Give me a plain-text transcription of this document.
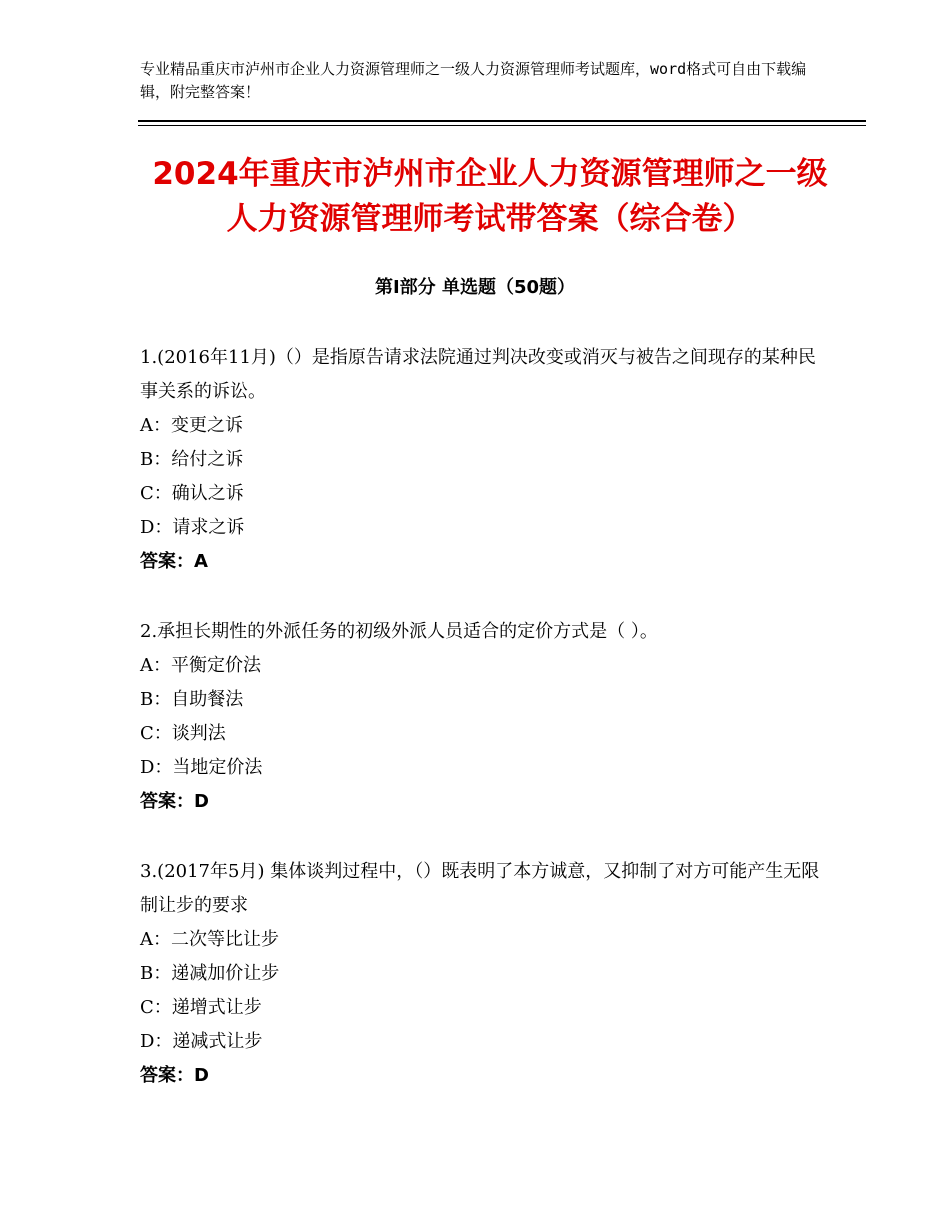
专业精品重庆市泸州市企业人力资源管理师之一级人力资源管理师考试题库，word格式可自由下载编辑，附完整答案！
2024年重庆市泸州市企业人力资源管理师之一级人力资源管理师考试带答案（综合卷）
第Ⅰ部分 单选题（50题）

1.(2016年11月)（）是指原告请求法院通过判决改变或消灭与被告之间现存的某种民事关系的诉讼。

A：变更之诉

B：给付之诉

C：确认之诉

D：请求之诉

答案：A

2.承担长期性的外派任务的初级外派人员适合的定价方式是（ ）。

A：平衡定价法

B：自助餐法

C：谈判法

D：当地定价法

答案：D

3.(2017年5月) 集体谈判过程中，（）既表明了本方诚意，又抑制了对方可能产生无限制让步的要求

A：二次等比让步

B：递减加价让步

C：递增式让步

D：递减式让步

答案：D
